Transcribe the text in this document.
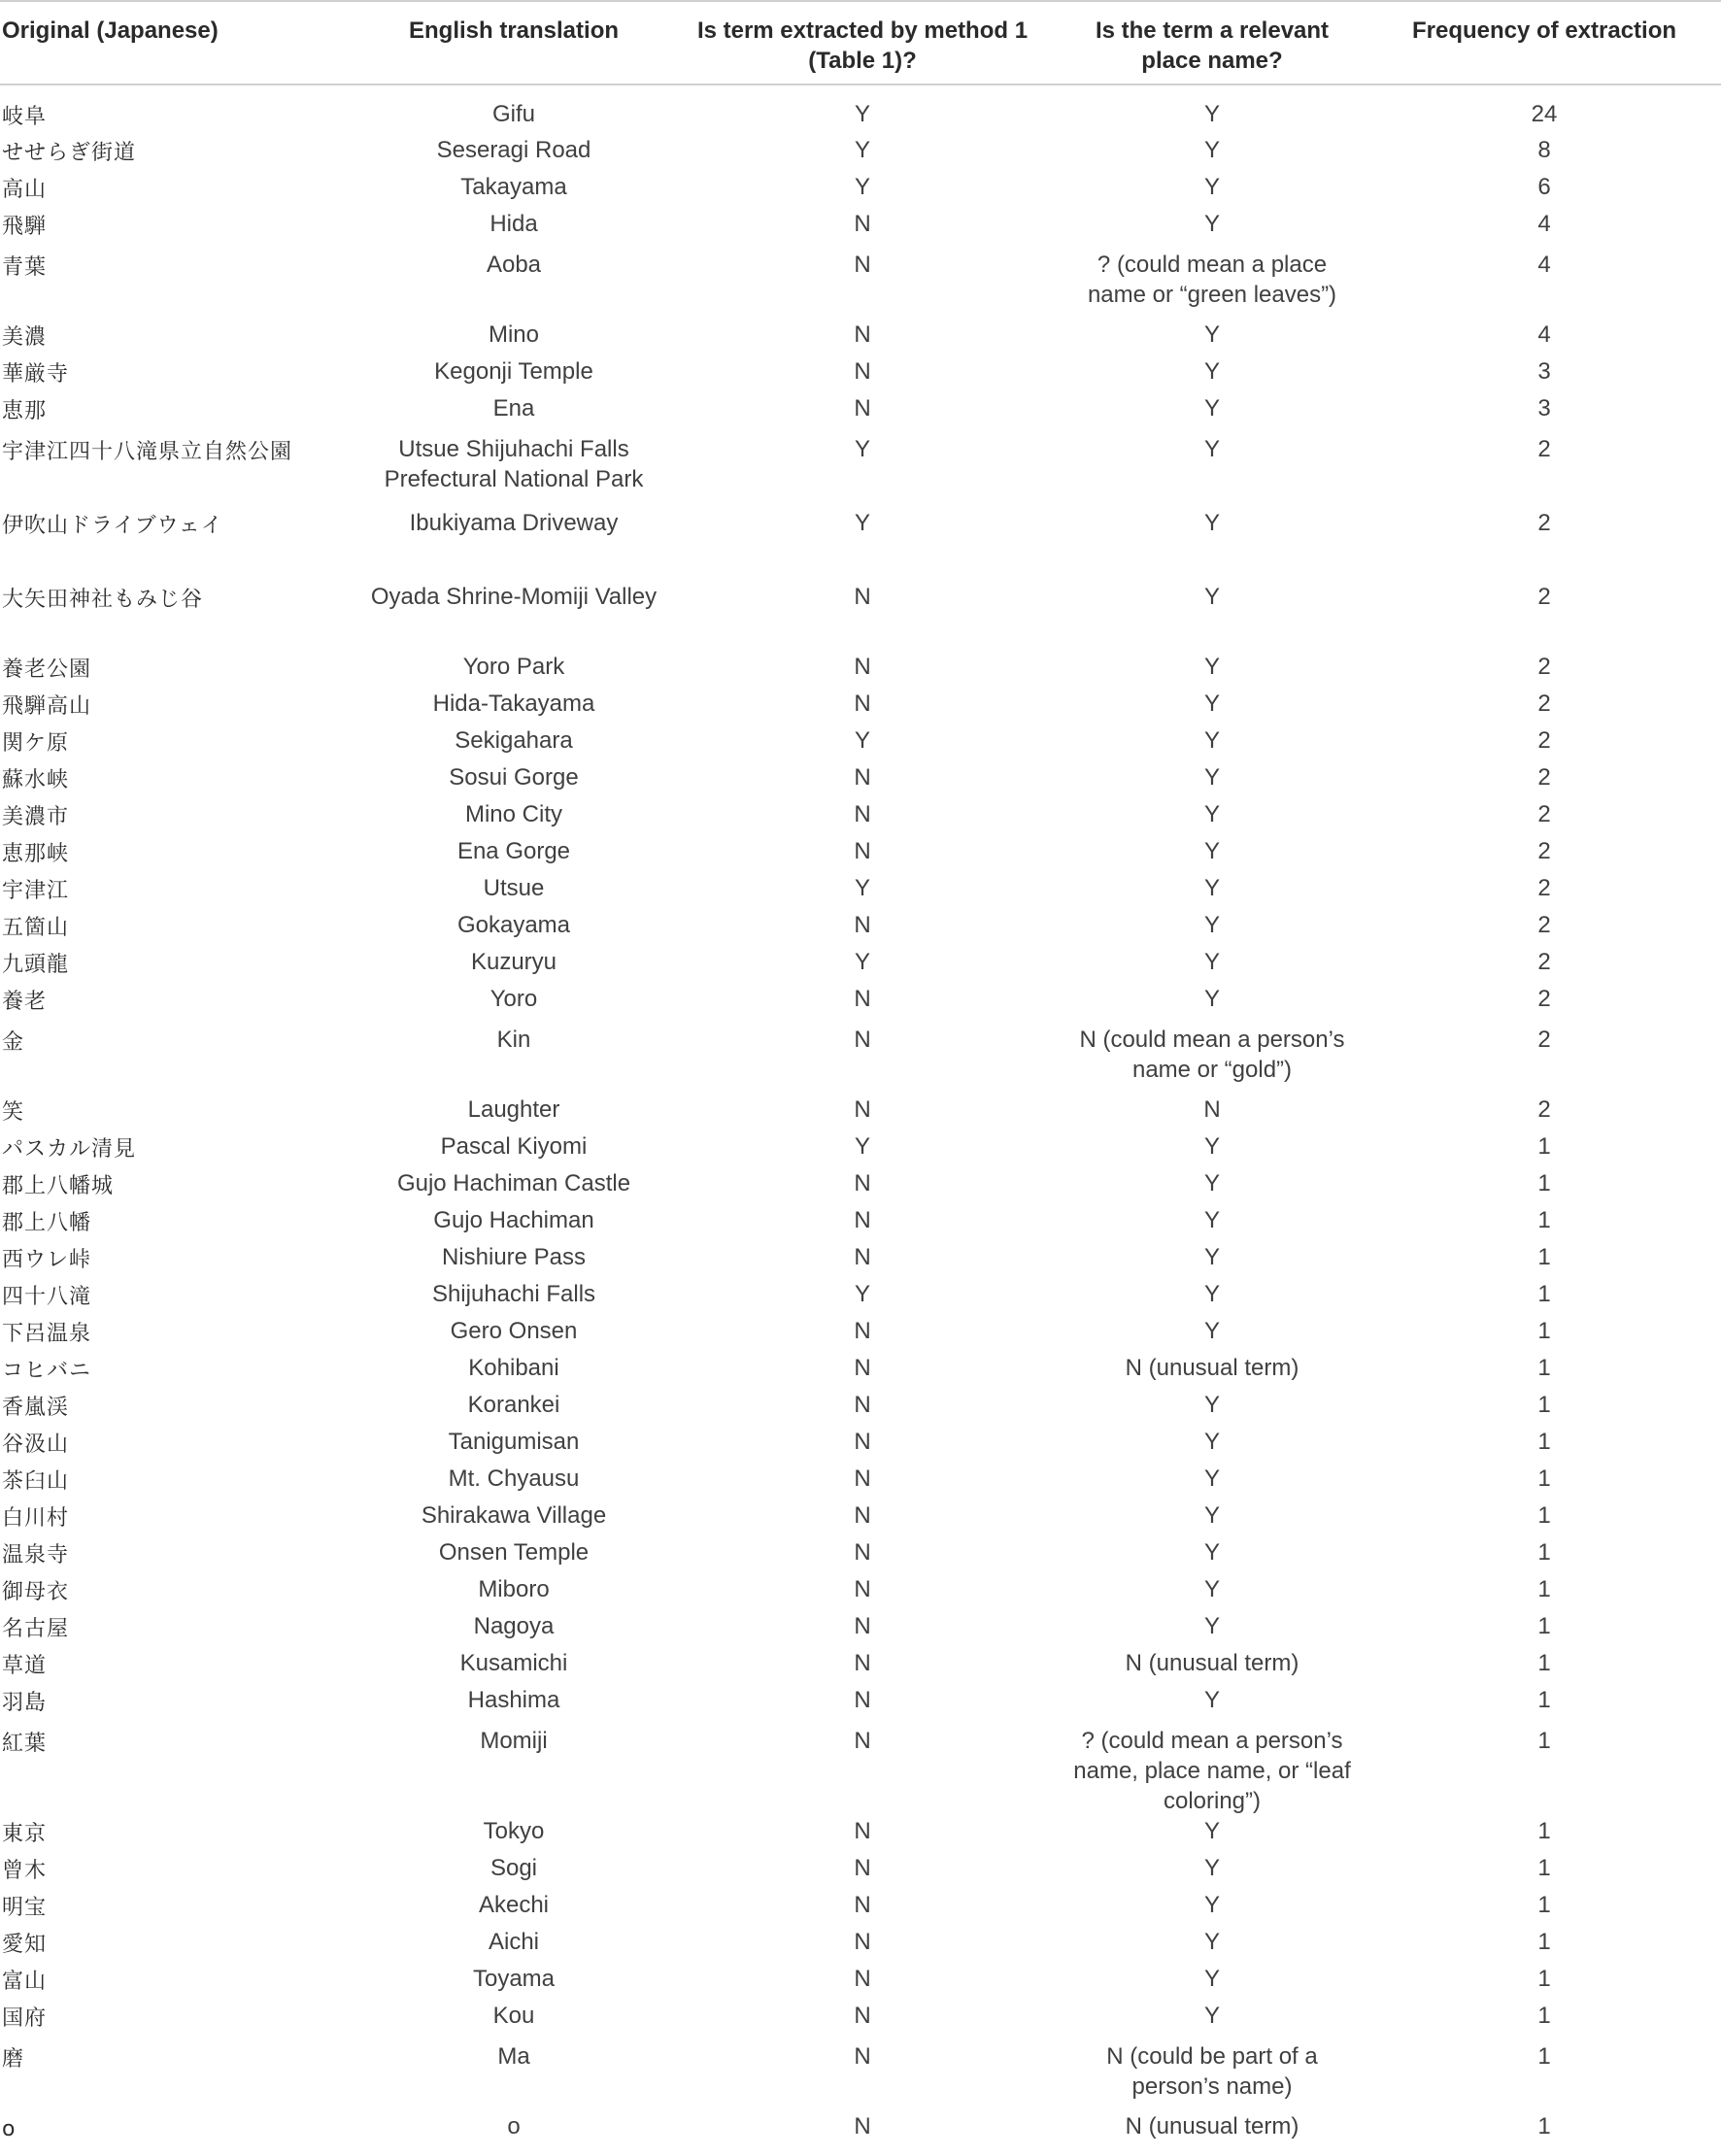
Original (Japanese)	English translation	Is term extracted by method 1 (Table 1)?	Is the term a relevant place name?	Frequency of extraction
岐阜	Gifu	Y	Y	24
せせらぎ街道	Seseragi Road	Y	Y	8
高山	Takayama	Y	Y	6
飛騨	Hida	N	Y	4
青葉	Aoba	N	? (could mean a place name or “green leaves”)	4
美濃	Mino	N	Y	4
華厳寺	Kegonji Temple	N	Y	3
恵那	Ena	N	Y	3
宇津江四十八滝県立自然公園	Utsue Shijuhachi Falls Prefectural National Park	Y	Y	2
伊吹山ドライブウェイ	Ibukiyama Driveway	Y	Y	2
大矢田神社もみじ谷	Oyada Shrine-Momiji Valley	N	Y	2
養老公園	Yoro Park	N	Y	2
飛騨高山	Hida-Takayama	N	Y	2
関ケ原	Sekigahara	Y	Y	2
蘇水峡	Sosui Gorge	N	Y	2
美濃市	Mino City	N	Y	2
恵那峡	Ena Gorge	N	Y	2
宇津江	Utsue	Y	Y	2
五箇山	Gokayama	N	Y	2
九頭龍	Kuzuryu	Y	Y	2
養老	Yoro	N	Y	2
金	Kin	N	N (could mean a person’s name or “gold”)	2
笑	Laughter	N	N	2
パスカル清見	Pascal Kiyomi	Y	Y	1
郡上八幡城	Gujo Hachiman Castle	N	Y	1
郡上八幡	Gujo Hachiman	N	Y	1
西ウレ峠	Nishiure Pass	N	Y	1
四十八滝	Shijuhachi Falls	Y	Y	1
下呂温泉	Gero Onsen	N	Y	1
コヒバニ	Kohibani	N	N (unusual term)	1
香嵐渓	Korankei	N	Y	1
谷汲山	Tanigumisan	N	Y	1
茶臼山	Mt. Chyausu	N	Y	1
白川村	Shirakawa Village	N	Y	1
温泉寺	Onsen Temple	N	Y	1
御母衣	Miboro	N	Y	1
名古屋	Nagoya	N	Y	1
草道	Kusamichi	N	N (unusual term)	1
羽島	Hashima	N	Y	1
紅葉	Momiji	N	? (could mean a person’s name, place name, or “leaf coloring”)	1
東京	Tokyo	N	Y	1
曾木	Sogi	N	Y	1
明宝	Akechi	N	Y	1
愛知	Aichi	N	Y	1
富山	Toyama	N	Y	1
国府	Kou	N	Y	1
磨	Ma	N	N (could be part of a person’s name)	1
o	o	N	N (unusual term)	1
